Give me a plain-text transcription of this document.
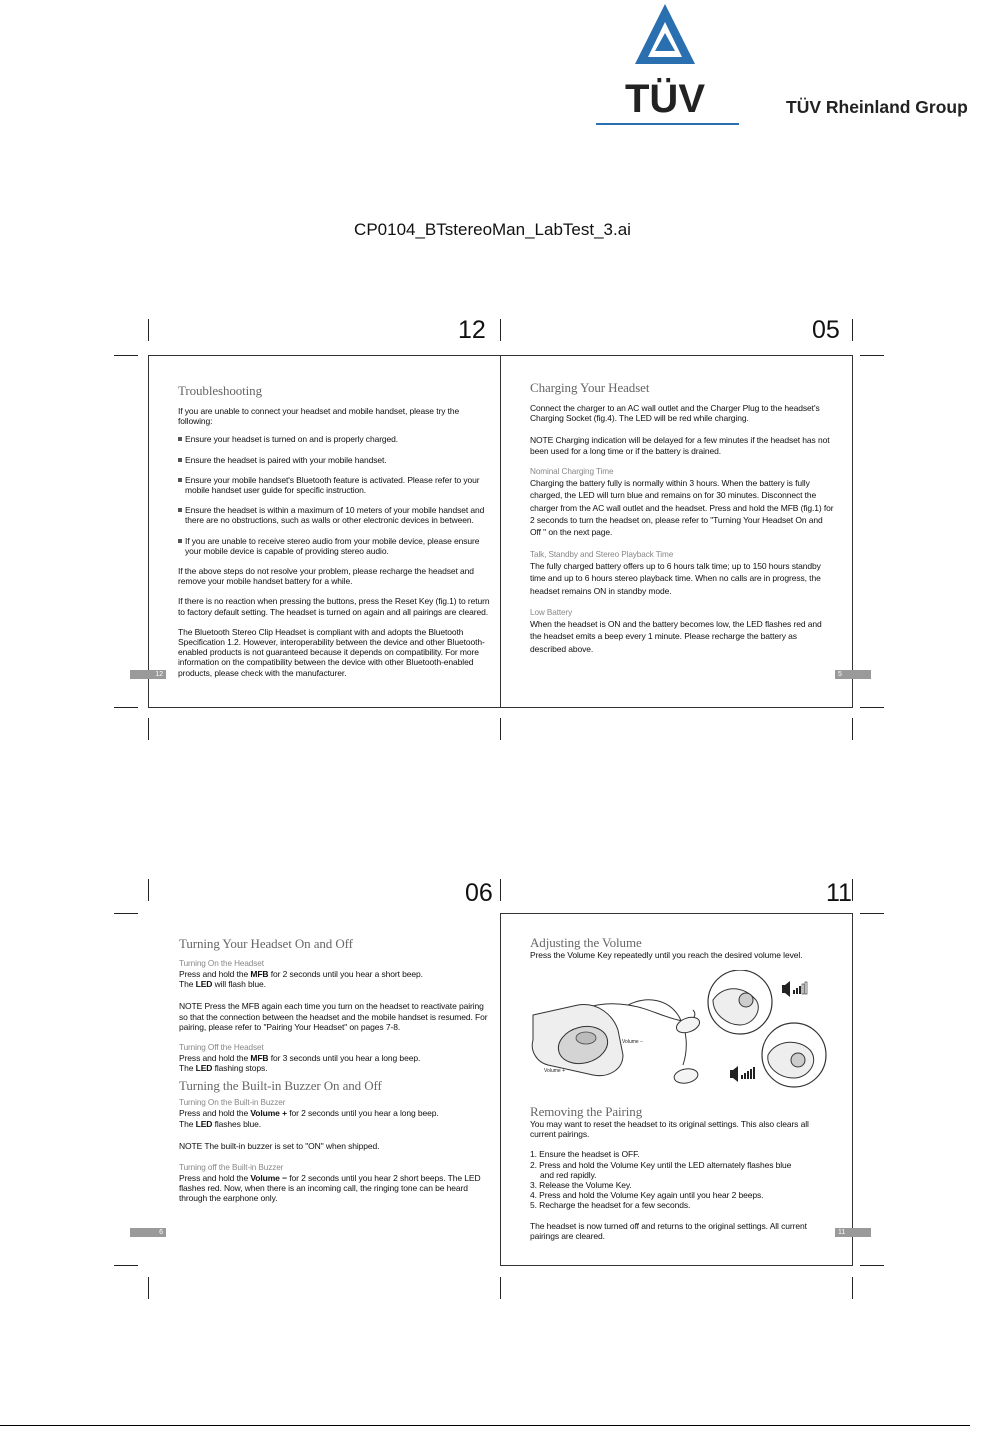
TÜV	TÜV Rheinland Group
CP0104_BTstereoMan_LabTest_3.ai
12	05
12	5
Troubleshooting

If you are unable to connect your headset and mobile handset, please try the following:

Ensure your headset is turned on and is properly charged.
Ensure the headset is paired with your mobile handset.
Ensure your mobile handset's Bluetooth feature is activated. Please refer to your mobile handset user guide for specific instruction.
Ensure the headset is within a maximum of 10 meters of your mobile handset and there are no obstructions, such as walls or other electronic devices in between.
If you are unable to receive stereo audio from your mobile device, please ensure your mobile device is capable of providing stereo audio.

If the above steps do not resolve your problem, please recharge the headset and remove your mobile handset battery for a while.

If there is no reaction when pressing the buttons, press the Reset Key (fig.1) to return to factory default setting. The headset is turned on again and all pairings are cleared.

The Bluetooth Stereo Clip Headset is compliant with and adopts the Bluetooth Specification 1.2. However, interoperability between the device and other Bluetooth-enabled products is not guaranteed because it depends on compatibility. For more information on the compatibility between the device with other Bluetooth-enabled products, please check with the manufacturer.

Charging Your Headset

Connect the charger to an AC wall outlet and the Charger Plug to the headset's Charging Socket (fig.4). The LED will be red while charging.

NOTE Charging indication will be delayed for a few minutes if the headset has not been used for a long time or if the battery is drained.

Nominal Charging Time

Charging the battery fully is normally within 3 hours. When the battery is fully charged, the LED will turn blue and remains on for 30 minutes. Disconnect the charger from the AC wall outlet and the headset. Press and hold the MFB (fig.1) for 2 seconds to turn the headset on, please refer to "Turning Your Headset On and Off " on the next page.

Talk, Standby and Stereo Playback Time

The fully charged battery offers up to 6 hours talk time; up to 150 hours standby time and up to 6 hours stereo playback time. When no calls are in progress, the headset remains ON in standby mode.

Low Battery

When the headset is ON and the battery becomes low, the LED flashes red and the headset emits a beep every 1 minute. Please recharge the battery as described above.

06	11
6	11
Turning Your Headset On and Off
Turning On the Headset

Press and hold the MFB for 2 seconds until you hear a short beep.
The LED will flash blue.

NOTE Press the MFB again each time you turn on the headset to reactivate pairing so that the connection between the headset and the mobile handset is resumed. For pairing, please refer to "Pairing Your Headset" on pages 7-8.

Turning Off the Headset

Press and hold the MFB for 3 seconds until you hear a long beep.
The LED flashing stops.

Turning the Built-in Buzzer On and Off
Turning On the Built-in Buzzer

Press and hold the Volume + for 2 seconds until you hear a long beep.
The LED flashes blue.

NOTE The built-in buzzer is set to "ON" when shipped.

Turning off the Built-in Buzzer

Press and hold the Volume − for 2 seconds until you hear 2 short beeps. The LED flashes red. Now, when there is an incoming call, the ringing tone can be heard through the earphone only.

Adjusting the Volume

Press the Volume Key repeatedly until you reach the desired volume level.

Volume −
Volume +
Removing the Pairing

You may want to reset the headset to its original settings. This also clears all current pairings.

1. Ensure the headset is OFF.
2. Press and hold the Volume Key until the LED alternately flashes blue
and red rapidly.
3. Release the Volume Key.
4. Press and hold the Volume Key again until you hear 2 beeps.
5. Recharge the headset for a few seconds.

The headset is now turned off and returns to the original settings. All current pairings are cleared.
